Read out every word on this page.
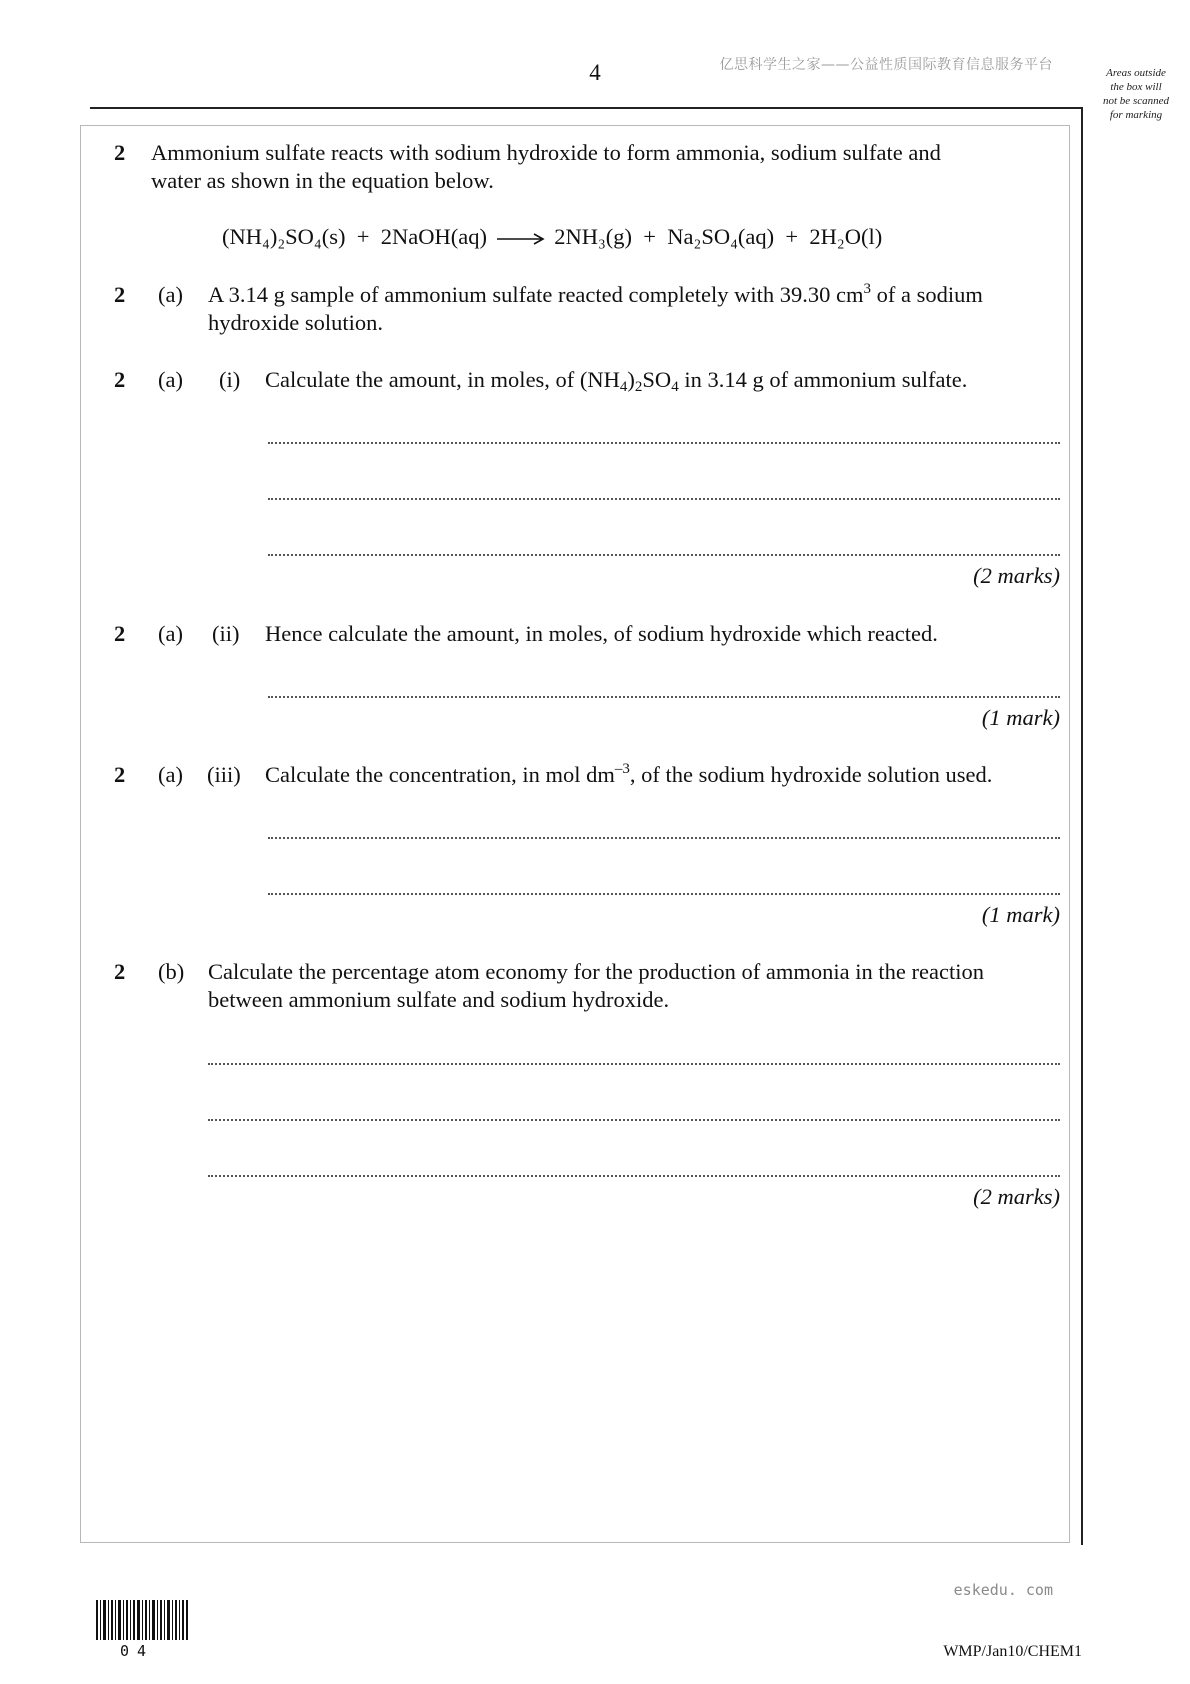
4	亿思科学生之家——公益性质国际教育信息服务平台	Areas outside
the box will
not be scanned
for marking
2 Ammonium sulfate reacts with sodium hydroxide to form ammonia, sodium sulfate and
water as shown in the equation below.
(NH₄)₂SO₄(s) + 2NaOH(aq) → 2NH₃(g) + Na₂SO₄(aq) + 2H₂O(l)
2 (a) A 3.14 g sample of ammonium sulfate reacted completely with 39.30 $cm^3$ of a sodium
hydroxide solution.
2 (a) (i) Calculate the amount, in moles, of $(NH_4)_2SO_4$ in 3.14 g of ammonium sulfate.
(2 marks)
2 (a) (ii) Hence calculate the amount, in moles, of sodium hydroxide which reacted.
(1 mark)
2 (a) (iii) Calculate the concentration, in mol $dm^{-3}$, of the sodium hydroxide solution used.
(1 mark)
2 (b) Calculate the percentage atom economy for the production of ammonia in the reaction
between ammonium sulfate and sodium hydroxide.
(2 marks)
eskedu. com
04	WMP/Jan10/CHEM1
